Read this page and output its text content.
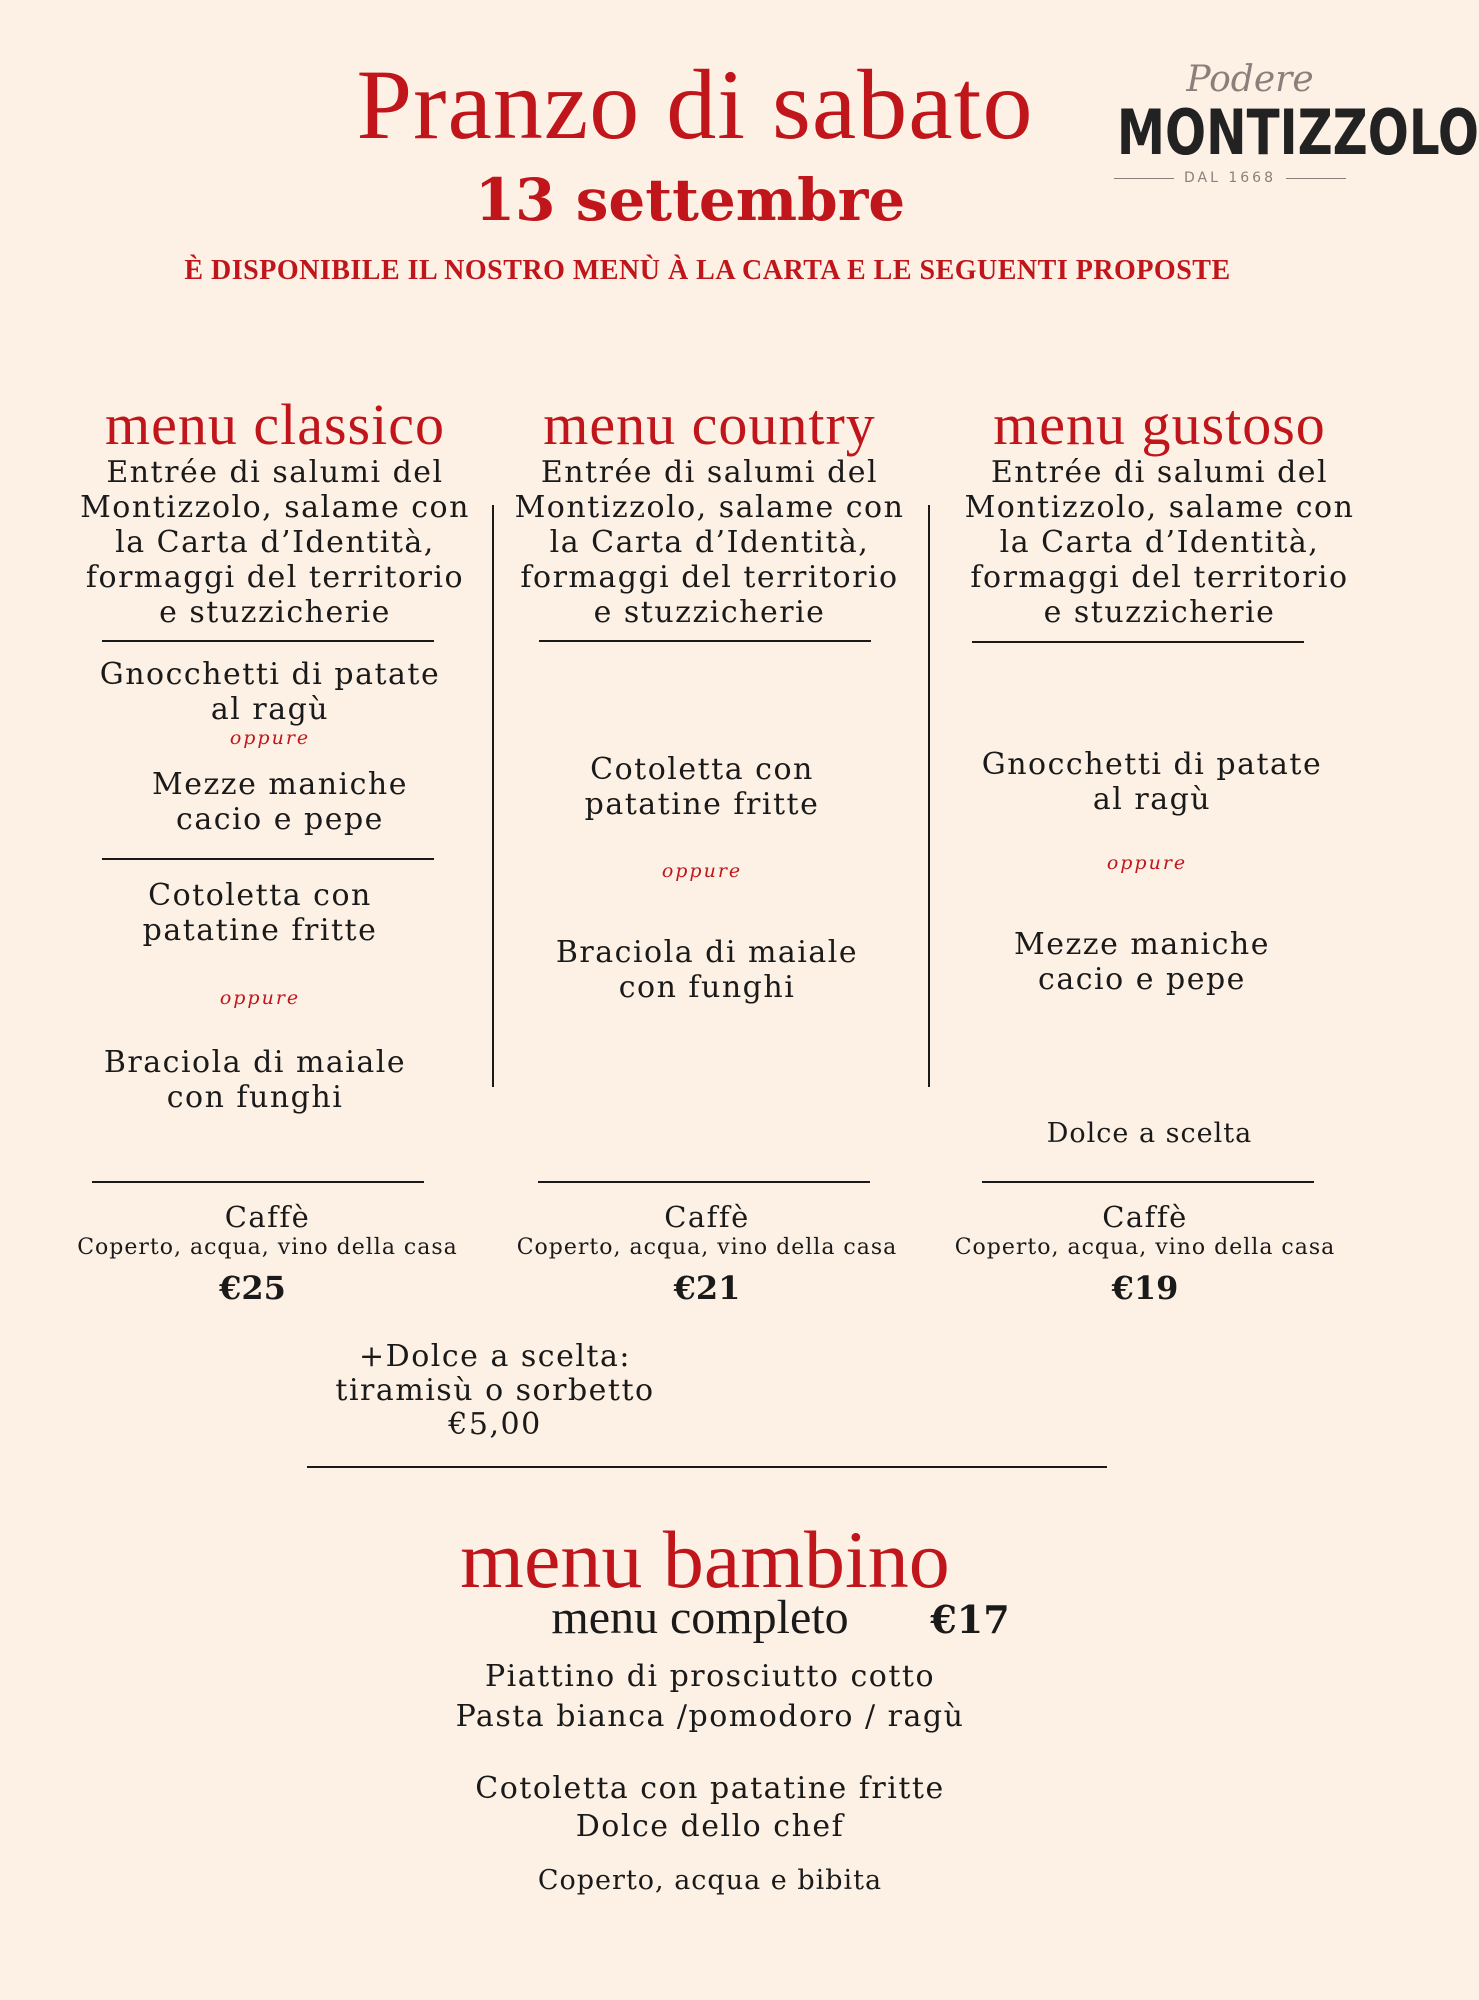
Pranzo di sabato
13 settembre
È DISPONIBILE IL NOSTRO MENÙ À LA CARTA E LE SEGUENTI PROPOSTE
Podere
MONTIZZOLO
DAL 1668
menu classico
Entrée di salumi del
Montizzolo, salame con
la Carta d’Identità,
formaggi del territorio
e stuzzicherie
Gnocchetti di patate
al ragù
oppure
Mezze maniche
cacio e pepe
Cotoletta con
patatine fritte
oppure
Braciola di maiale
con funghi
menu country
Entrée di salumi del
Montizzolo, salame con
la Carta d’Identità,
formaggi del territorio
e stuzzicherie
Cotoletta con
patatine fritte
oppure
Braciola di maiale
con funghi
menu gustoso
Entrée di salumi del
Montizzolo, salame con
la Carta d’Identità,
formaggi del territorio
e stuzzicherie
Gnocchetti di patate
al ragù
oppure
Mezze maniche
cacio e pepe
Dolce a scelta
Caffè
Coperto, acqua, vino della casa
€25
Caffè
Coperto, acqua, vino della casa
€21
Caffè
Coperto, acqua, vino della casa
€19
+Dolce a scelta:
tiramisù o sorbetto
€5,00
menu bambino
menu completo	€17
Piattino di prosciutto cotto
Pasta bianca /pomodoro / ragù
Cotoletta con patatine fritte
Dolce dello chef
Coperto, acqua e bibita
